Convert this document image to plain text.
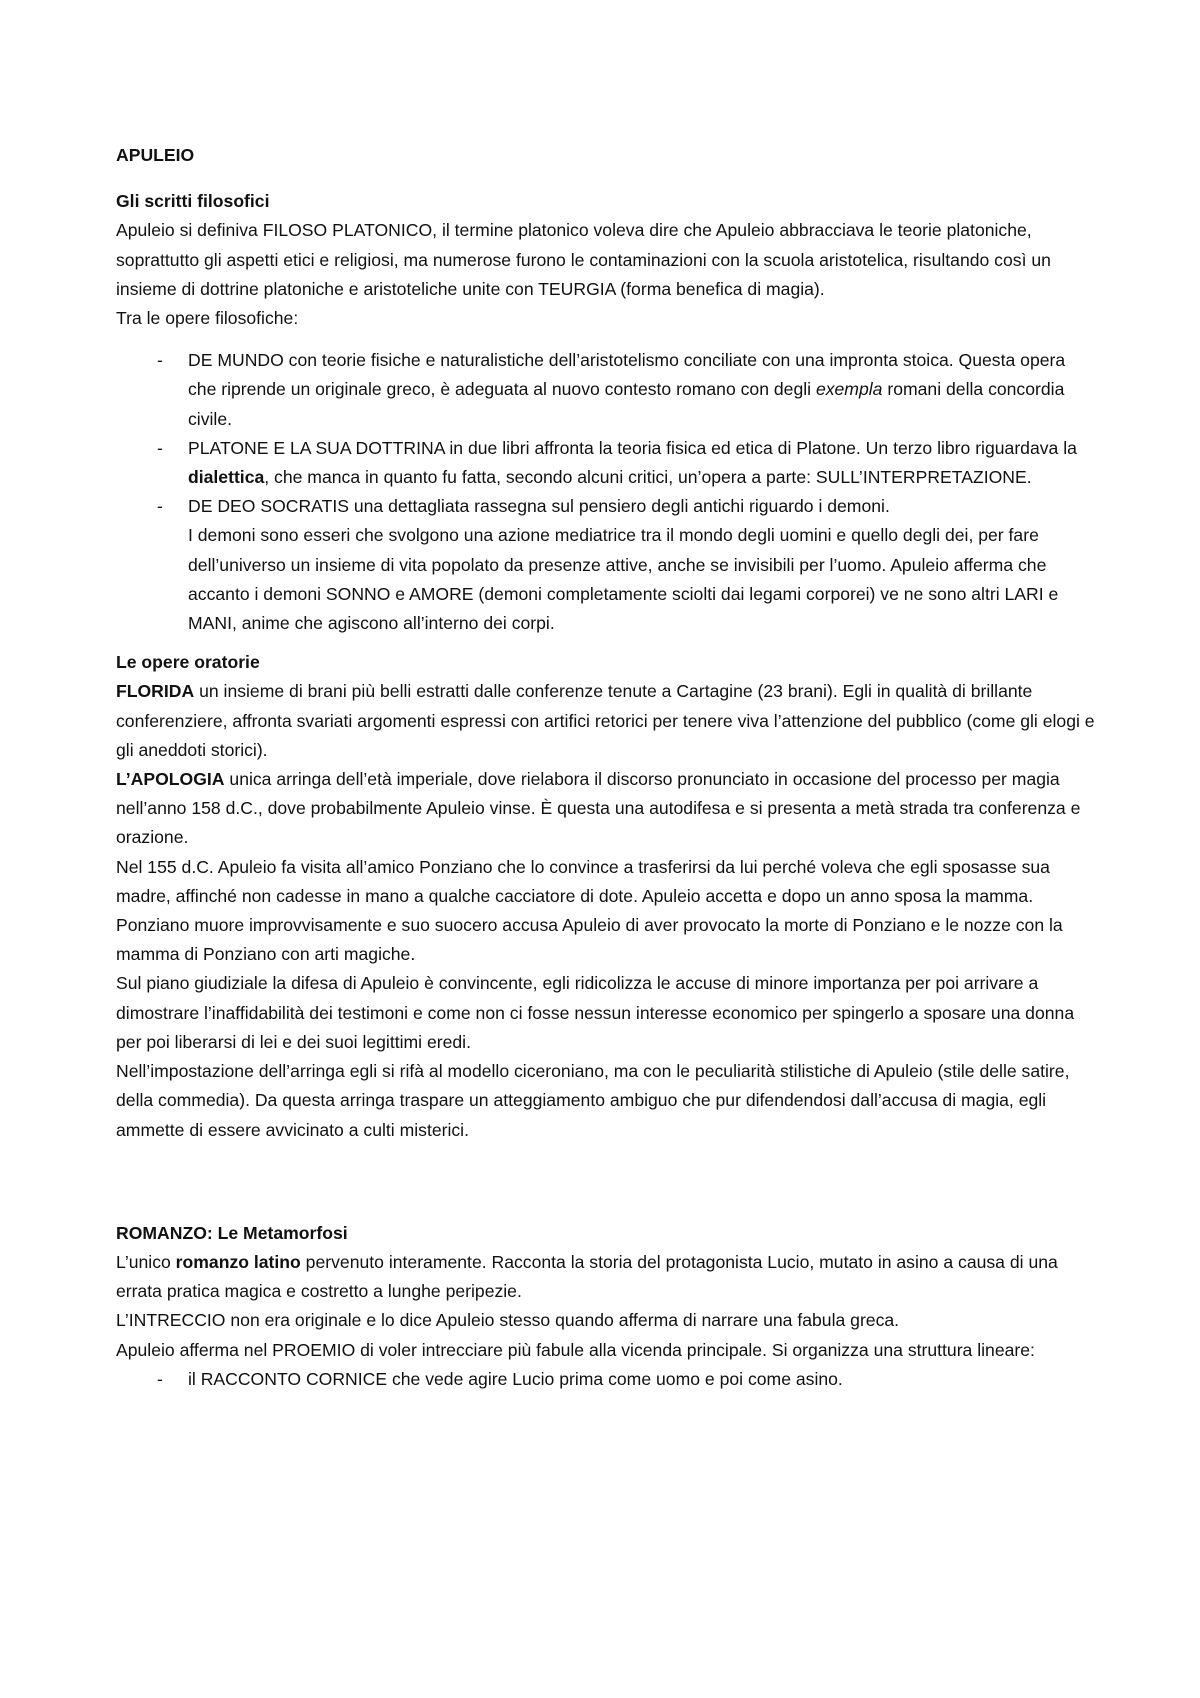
APULEIO

Gli scritti filosofici

Apuleio si definiva FILOSO PLATONICO, il termine platonico voleva dire che Apuleio abbracciava le teorie platoniche, soprattutto gli aspetti etici e religiosi, ma numerose furono le contaminazioni con la scuola aristotelica, risultando così un insieme di dottrine platoniche e aristoteliche unite con TEURGIA (forma benefica di magia).

Tra le opere filosofiche:

- DE MUNDO con teorie fisiche e naturalistiche dell’aristotelismo conciliate con una impronta stoica. Questa opera che riprende un originale greco, è adeguata al nuovo contesto romano con degli exempla romani della concordia civile.
- PLATONE E LA SUA DOTTRINA in due libri affronta la teoria fisica ed etica di Platone. Un terzo libro riguardava la dialettica, che manca in quanto fu fatta, secondo alcuni critici, un’opera a parte: SULL’INTERPRETAZIONE.
- DE DEO SOCRATIS una dettagliata rassegna sul pensiero degli antichi riguardo i demoni.
I demoni sono esseri che svolgono una azione mediatrice tra il mondo degli uomini e quello degli dei, per fare dell’universo un insieme di vita popolato da presenze attive, anche se invisibili per l’uomo. Apuleio afferma che accanto i demoni SONNO e AMORE (demoni completamente sciolti dai legami corporei) ve ne sono altri LARI e MANI, anime che agiscono all’interno dei corpi.

Le opere oratorie

FLORIDA un insieme di brani più belli estratti dalle conferenze tenute a Cartagine (23 brani). Egli in qualità di brillante conferenziere, affronta svariati argomenti espressi con artifici retorici per tenere viva l’attenzione del pubblico (come gli elogi e gli aneddoti storici).

L’APOLOGIA unica arringa dell’età imperiale, dove rielabora il discorso pronunciato in occasione del processo per magia nell’anno 158 d.C., dove probabilmente Apuleio vinse. È questa una autodifesa e si presenta a metà strada tra conferenza e orazione.

Nel 155 d.C. Apuleio fa visita all’amico Ponziano che lo convince a trasferirsi da lui perché voleva che egli sposasse sua madre, affinché non cadesse in mano a qualche cacciatore di dote. Apuleio accetta e dopo un anno sposa la mamma. Ponziano muore improvvisamente e suo suocero accusa Apuleio di aver provocato la morte di Ponziano e le nozze con la mamma di Ponziano con arti magiche.

Sul piano giudiziale la difesa di Apuleio è convincente, egli ridicolizza le accuse di minore importanza per poi arrivare a dimostrare l’inaffidabilità dei testimoni e come non ci fosse nessun interesse economico per spingerlo a sposare una donna per poi liberarsi di lei e dei suoi legittimi eredi.

Nell’impostazione dell’arringa egli si rifà al modello ciceroniano, ma con le peculiarità stilistiche di Apuleio (stile delle satire, della commedia). Da questa arringa traspare un atteggiamento ambiguo che pur difendendosi dall’accusa di magia, egli ammette di essere avvicinato a culti misterici.

ROMANZO: Le Metamorfosi

L’unico romanzo latino pervenuto interamente. Racconta la storia del protagonista Lucio, mutato in asino a causa di una errata pratica magica e costretto a lunghe peripezie.

L’INTRECCIO non era originale e lo dice Apuleio stesso quando afferma di narrare una fabula greca.

Apuleio afferma nel PROEMIO di voler intrecciare più fabule alla vicenda principale. Si organizza una struttura lineare:

- il RACCONTO CORNICE che vede agire Lucio prima come uomo e poi come asino.
